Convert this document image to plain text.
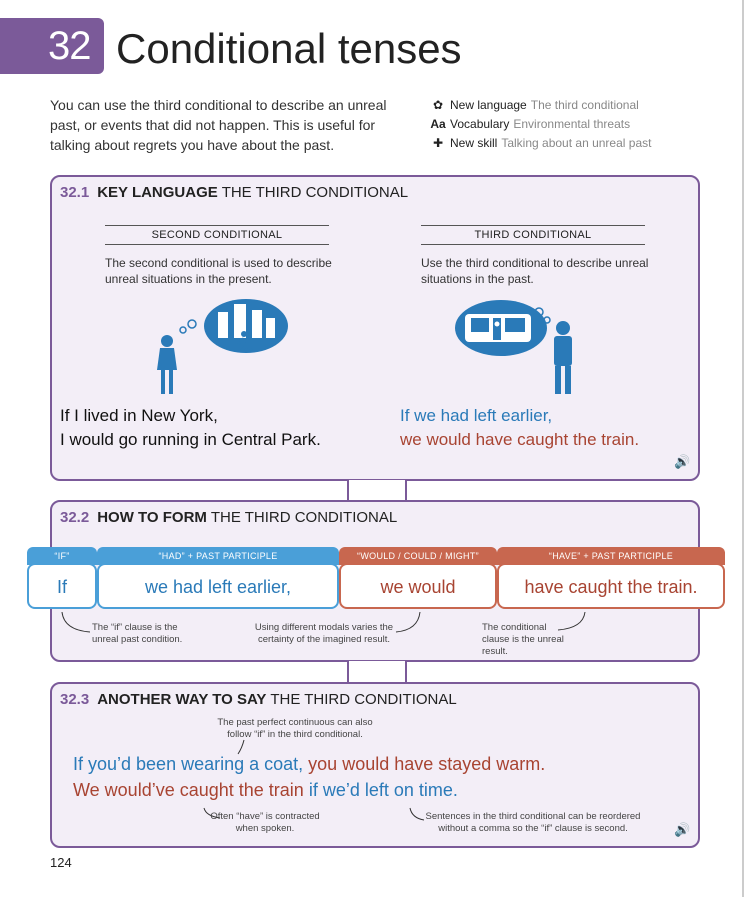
32 Conditional tenses

You can use the third conditional to describe an unreal past, or events that did not happen. This is useful for talking about regrets you have about the past.

✿ New language The third conditional
Aa Vocabulary Environmental threats
✚ New skill Talking about an unreal past
32.1 KEY LANGUAGE THE THIRD CONDITIONAL
SECOND CONDITIONAL

The second conditional is used to describe unreal situations in the present.

THIRD CONDITIONAL

Use the third conditional to describe unreal situations in the past.

If I lived in New York,
I would go running in Central Park.
If we had left earlier,
we would have caught the train.
🔊
32.2 HOW TO FORM THE THIRD CONDITIONAL
“IF”
If
“HAD” + PAST PARTICIPLE
we had left earlier,
“WOULD / COULD / MIGHT”
we would
“HAVE” + PAST PARTICIPLE
have caught the train.
The “if” clause is the unreal past condition.
Using different modals varies the certainty of the imagined result.
The conditional clause is the unreal result.
32.3 ANOTHER WAY TO SAY THE THIRD CONDITIONAL
The past perfect continuous can also follow “if” in the third conditional.
If you’d been wearing a coat, you would have stayed warm.
We would’ve caught the train if we’d left on time.
Often “have” is contracted when spoken.
Sentences in the third conditional can be reordered without a comma so the “if” clause is second.	🔊
124
